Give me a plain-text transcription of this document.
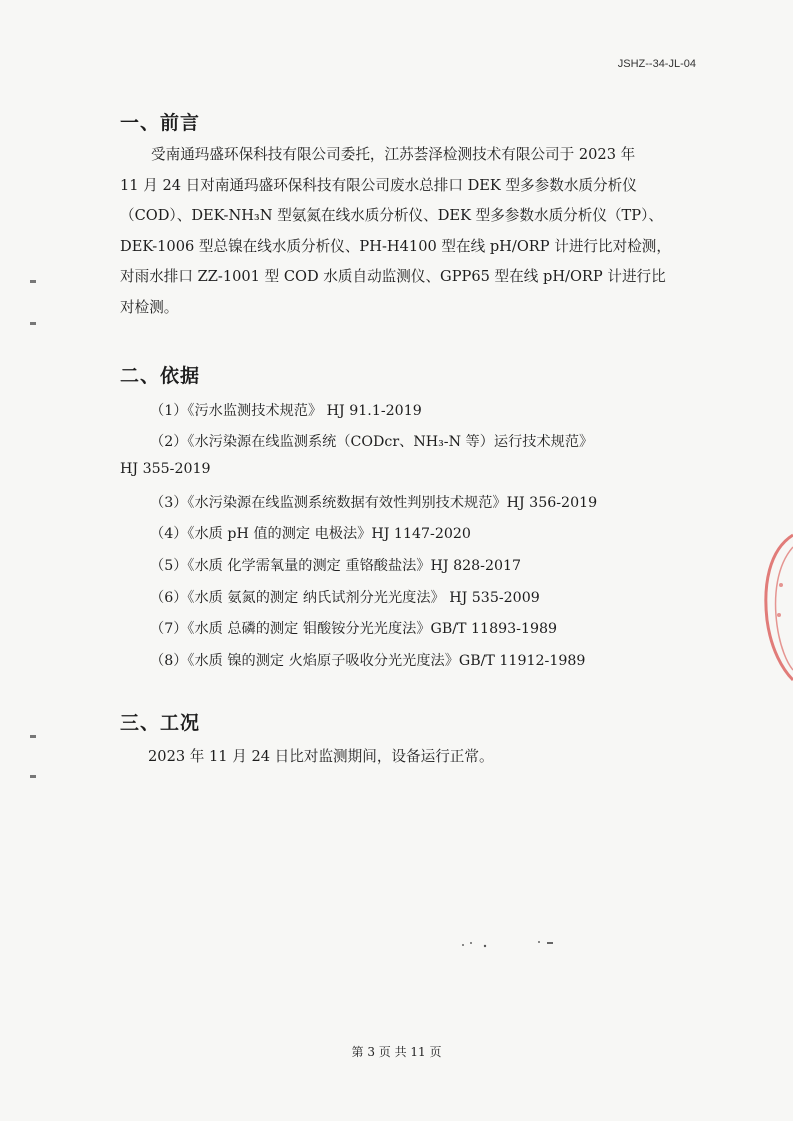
JSHZ--34-JL-04
一、前言
受南通玛盛环保科技有限公司委托，江苏荟泽检测技术有限公司于 2023 年
11 月 24 日对南通玛盛环保科技有限公司废水总排口 DEK 型多参数水质分析仪
（COD）、DEK-NH₃N 型氨氮在线水质分析仪、DEK 型多参数水质分析仪（TP）、
DEK-1006 型总镍在线水质分析仪、PH-H4100 型在线 pH/ORP 计进行比对检测，
对雨水排口 ZZ-1001 型 COD 水质自动监测仪、GPP65 型在线 pH/ORP 计进行比
对检测。
二、依据
（1）《污水监测技术规范》 HJ 91.1-2019
（2）《水污染源在线监测系统（CODcr、NH₃-N 等）运行技术规范》
HJ 355-2019
（3）《水污染源在线监测系统数据有效性判别技术规范》HJ 356-2019
（4）《水质 pH 值的测定 电极法》HJ 1147-2020
（5）《水质 化学需氧量的测定 重铬酸盐法》HJ 828-2017
（6）《水质 氨氮的测定 纳氏试剂分光光度法》 HJ 535-2009
（7）《水质 总磷的测定 钼酸铵分光光度法》GB/T 11893-1989
（8）《水质 镍的测定 火焰原子吸收分光光度法》GB/T 11912-1989
三、工况
2023 年 11 月 24 日比对监测期间，设备运行正常。
第 3 页 共 11 页
